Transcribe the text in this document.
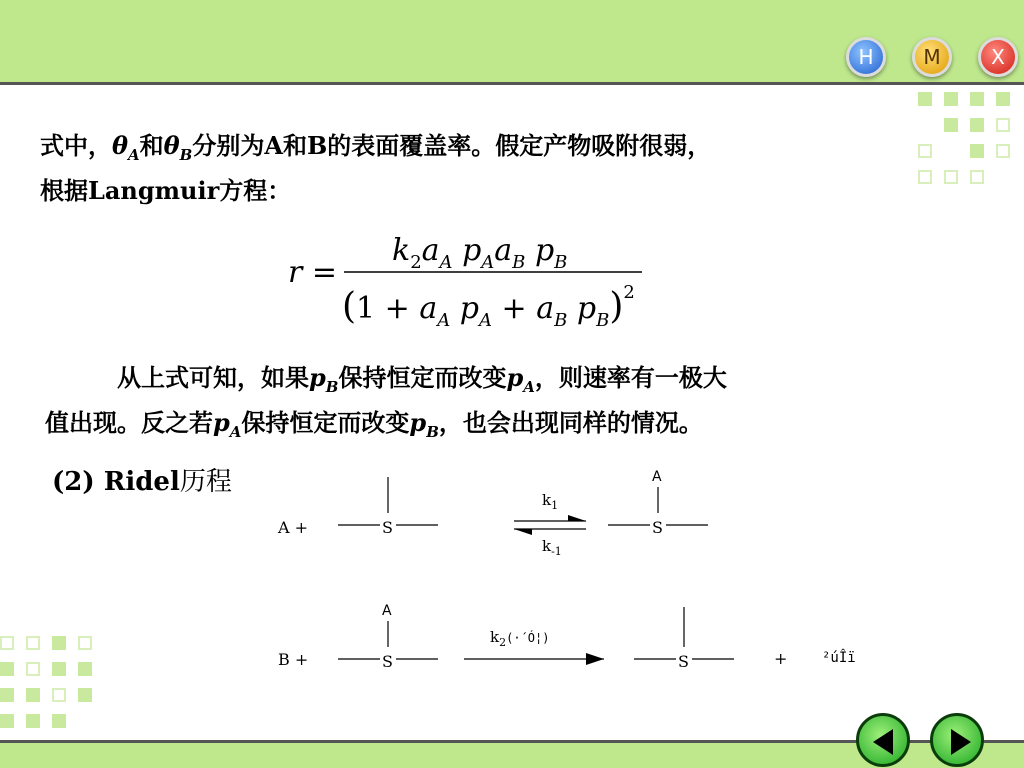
H	M	X
式中，$\theta_A$和$\theta_B$分别为A和B的表面覆盖率。假定产物吸附很弱，
根据Langmuir方程：
r =
$k_2a_A$ $p_Aa_B$ $p_B$
($1 + a_A$ $p_A + a_B$ $p_B)^2$
从上式可知，如果$p_B$保持恒定而改变$p_A$，则速率有一极大
值出现。反之若$p_A$保持恒定而改变$p_B$，也会出现同样的情况。
(2) Ridel历程
A +	S
$k_1$
$k_{-1}$
A
S
B +
A
S
$k_2^{(\cdot´Ó¦)}$
S	+ ²úÎï
